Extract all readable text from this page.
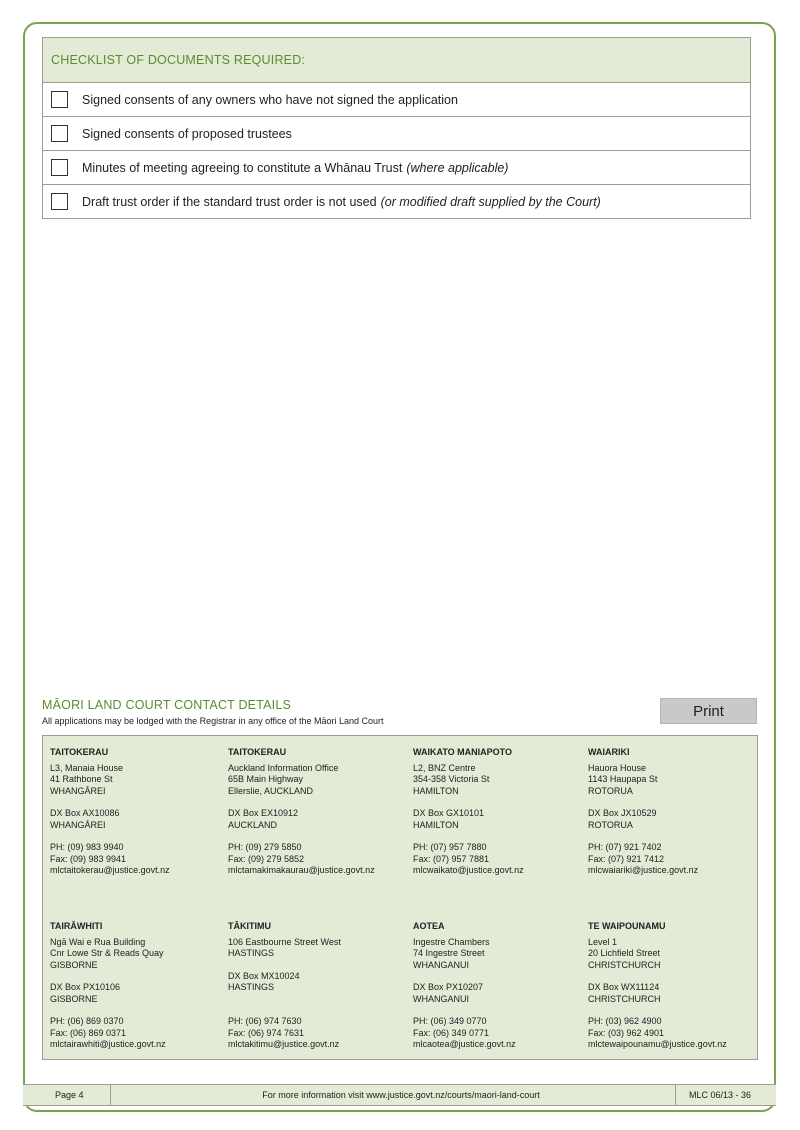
CHECKLIST OF DOCUMENTS REQUIRED:
Signed consents of any owners who have not signed the application
Signed consents of proposed trustees
Minutes of meeting agreeing to constitute a Whānau Trust (where applicable)
Draft trust order if the standard trust order is not used (or modified draft supplied by the Court)
MĀORI LAND COURT CONTACT DETAILS
All applications may be lodged with the Registrar in any office of the Māori Land Court
Print
TAITOKERAU
L3, Manaia House
41 Rathbone St
WHANGĀREI
DX Box AX10086
WHANGĀREI
PH: (09) 983 9940
Fax: (09) 983 9941
mlctaitokerau@justice.govt.nz
TAITOKERAU
Auckland Information Office
65B Main Highway
Ellerslie, AUCKLAND
DX Box EX10912
AUCKLAND
PH: (09) 279 5850
Fax: (09) 279 5852
mlctamakimakaurau@justice.govt.nz
WAIKATO MANIAPOTO
L2, BNZ Centre
354-358 Victoria St
HAMILTON
DX Box GX10101
HAMILTON
PH: (07) 957 7880
Fax: (07) 957 7881
mlcwaikato@justice.govt.nz
WAIARIKI
Hauora House
1143 Haupapa St
ROTORUA
DX Box JX10529
ROTORUA
PH: (07) 921 7402
Fax: (07) 921 7412
mlcwaiariki@justice.govt.nz
TAIRĀWHITI
Ngā Wai e Rua Building
Cnr Lowe Str & Reads Quay
GISBORNE
DX Box PX10106
GISBORNE
PH: (06) 869 0370
Fax: (06) 869 0371
mlctairawhiti@justice.govt.nz
TĀKITIMU
106 Eastbourne Street West
HASTINGS
DX Box MX10024
HASTINGS
PH: (06) 974 7630
Fax: (06) 974 7631
mlctakitimu@justice.govt.nz
AOTEA
Ingestre Chambers
74 Ingestre Street
WHANGANUI
DX Box PX10207
WHANGANUI
PH: (06) 349 0770
Fax: (06) 349 0771
mlcaotea@justice.govt.nz
TE WAIPOUNAMU
Level 1
20 Lichfield Street
CHRISTCHURCH
DX Box WX11124
CHRISTCHURCH
PH: (03) 962 4900
Fax: (03) 962 4901
mlctewaipounamu@justice.govt.nz
Page 4	For more information visit www.justice.govt.nz/courts/maori-land-court	MLC 06/13 - 36
